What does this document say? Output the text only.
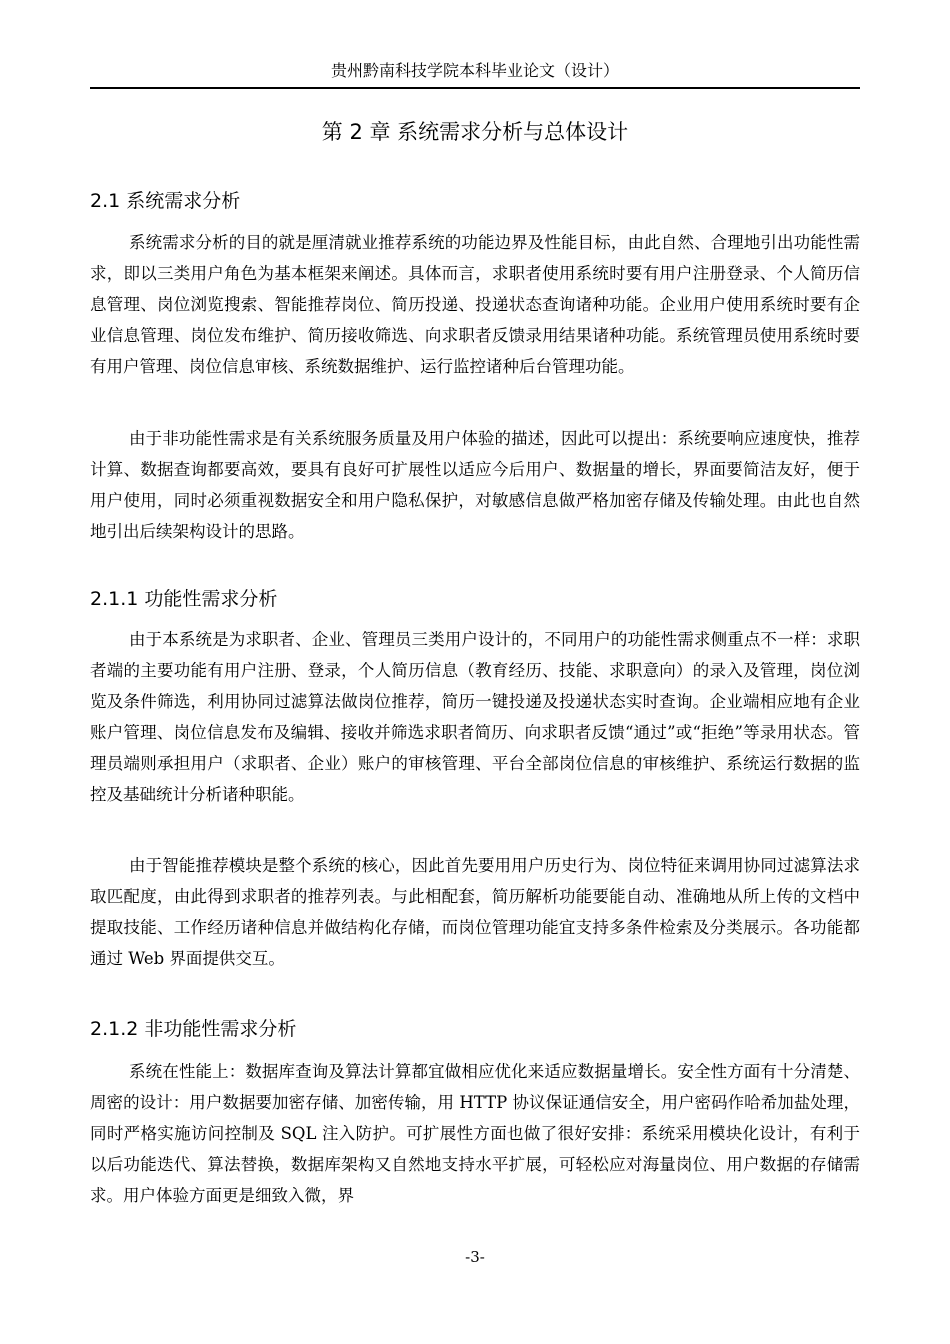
贵州黔南科技学院本科毕业论文（设计）
第 2 章 系统需求分析与总体设计
2.1 系统需求分析

系统需求分析的目的就是厘清就业推荐系统的功能边界及性能目标，由此自然、合理地引出功能性需求，即以三类用户角色为基本框架来阐述。具体而言，求职者使用系统时要有用户注册登录、个人简历信息管理、岗位浏览搜索、智能推荐岗位、简历投递、投递状态查询诸种功能。企业用户使用系统时要有企业信息管理、岗位发布维护、简历接收筛选、向求职者反馈录用结果诸种功能。系统管理员使用系统时要有用户管理、岗位信息审核、系统数据维护、运行监控诸种后台管理功能。

由于非功能性需求是有关系统服务质量及用户体验的描述，因此可以提出：系统要响应速度快，推荐计算、数据查询都要高效，要具有良好可扩展性以适应今后用户、数据量的增长，界面要简洁友好，便于用户使用，同时必须重视数据安全和用户隐私保护，对敏感信息做严格加密存储及传输处理。由此也自然地引出后续架构设计的思路。

2.1.1 功能性需求分析

由于本系统是为求职者、企业、管理员三类用户设计的，不同用户的功能性需求侧重点不一样：求职者端的主要功能有用户注册、登录，个人简历信息（教育经历、技能、求职意向）的录入及管理，岗位浏览及条件筛选，利用协同过滤算法做岗位推荐，简历一键投递及投递状态实时查询。企业端相应地有企业账户管理、岗位信息发布及编辑、接收并筛选求职者简历、向求职者反馈“通过”或“拒绝”等录用状态。管理员端则承担用户（求职者、企业）账户的审核管理、平台全部岗位信息的审核维护、系统运行数据的监控及基础统计分析诸种职能。

由于智能推荐模块是整个系统的核心，因此首先要用用户历史行为、岗位特征来调用协同过滤算法求取匹配度，由此得到求职者的推荐列表。与此相配套，简历解析功能要能自动、准确地从所上传的文档中提取技能、工作经历诸种信息并做结构化存储，而岗位管理功能宜支持多条件检索及分类展示。各功能都通过 Web 界面提供交互。

2.1.2 非功能性需求分析

系统在性能上：数据库查询及算法计算都宜做相应优化来适应数据量增长。安全性方面有十分清楚、周密的设计：用户数据要加密存储、加密传输，用 HTTP 协议保证通信安全，用户密码作哈希加盐处理，同时严格实施访问控制及 SQL 注入防护。可扩展性方面也做了很好安排：系统采用模块化设计，有利于以后功能迭代、算法替换，数据库架构又自然地支持水平扩展，可轻松应对海量岗位、用户数据的存储需求。用户体验方面更是细致入微，界

-3-
